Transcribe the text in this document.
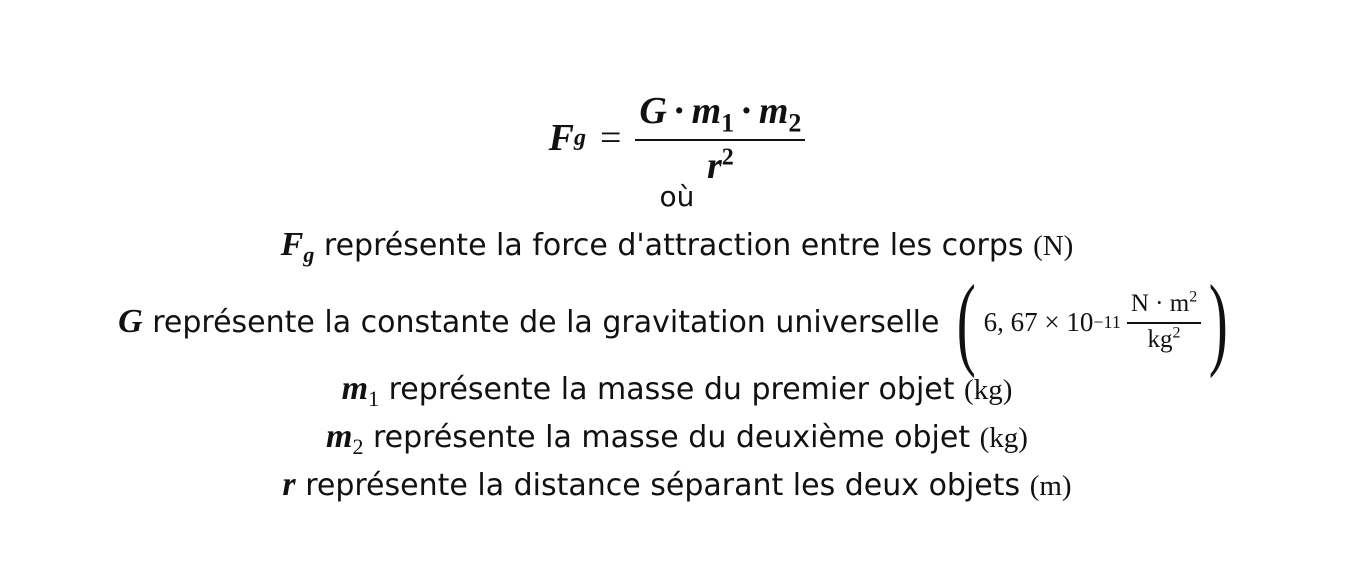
F $g = \frac{G \cdot m_1 \cdot m_2}{r^2}$
où
$F_g$ représente la force d'attraction entre les corps (N)
G représente la constante de la gravitation universelle ( 6, $67 \times 10 -11 \frac{N \cdot m^2}{kg^2}$ )
$m_1$ représente la masse du premier objet (kg)
$m_2$ représente la masse du deuxième objet (kg)
r représente la distance séparant les deux objets (m)
